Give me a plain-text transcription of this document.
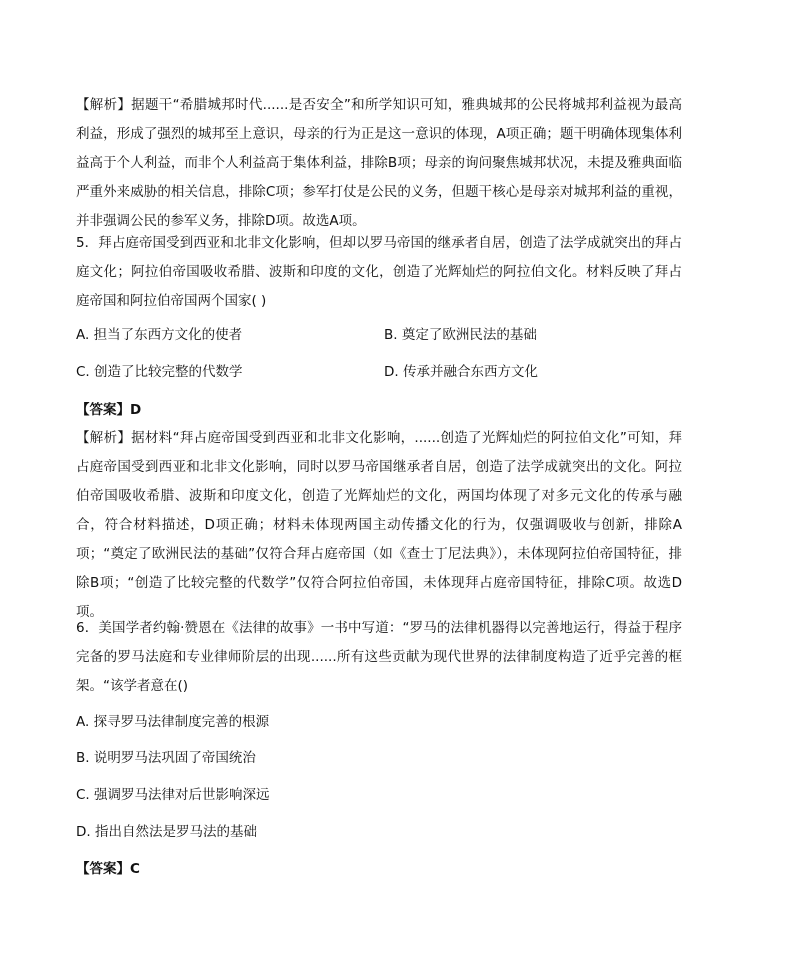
【解析】据题干“希腊城邦时代......是否安全”和所学知识可知，雅典城邦的公民将城邦利益视为最高利益，形成了强烈的城邦至上意识，母亲的行为正是这一意识的体现，A项正确；题干明确体现集体利益高于个人利益，而非个人利益高于集体利益，排除B项；母亲的询问聚焦城邦状况，未提及雅典面临严重外来威胁的相关信息，排除C项；参军打仗是公民的义务，但题干核心是母亲对城邦利益的重视，并非强调公民的参军义务，排除D项。故选A项。
5．拜占庭帝国受到西亚和北非文化影响，但却以罗马帝国的继承者自居，创造了法学成就突出的拜占庭文化；阿拉伯帝国吸收希腊、波斯和印度的文化，创造了光辉灿烂的阿拉伯文化。材料反映了拜占庭帝国和阿拉伯帝国两个国家( )
A. 担当了东西方文化的使者	B. 奠定了欧洲民法的基础
C. 创造了比较完整的代数学	D. 传承并融合东西方文化
【答案】D
【解析】据材料“拜占庭帝国受到西亚和北非文化影响，......创造了光辉灿烂的阿拉伯文化”可知，拜占庭帝国受到西亚和北非文化影响，同时以罗马帝国继承者自居，创造了法学成就突出的文化。阿拉伯帝国吸收希腊、波斯和印度文化，创造了光辉灿烂的文化，两国均体现了对多元文化的传承与融合，符合材料描述，D项正确；材料未体现两国主动传播文化的行为，仅强调吸收与创新，排除A项；“奠定了欧洲民法的基础”仅符合拜占庭帝国（如《查士丁尼法典》），未体现阿拉伯帝国特征，排除B项；“创造了比较完整的代数学”仅符合阿拉伯帝国，未体现拜占庭帝国特征，排除C项。故选D项。
6．美国学者约翰·赞恩在《法律的故事》一书中写道：“罗马的法律机器得以完善地运行，得益于程序完备的罗马法庭和专业律师阶层的出现......所有这些贡献为现代世界的法律制度构造了近乎完善的框架。“该学者意在()
A. 探寻罗马法律制度完善的根源
B. 说明罗马法巩固了帝国统治
C. 强调罗马法律对后世影响深远
D. 指出自然法是罗马法的基础
【答案】C
